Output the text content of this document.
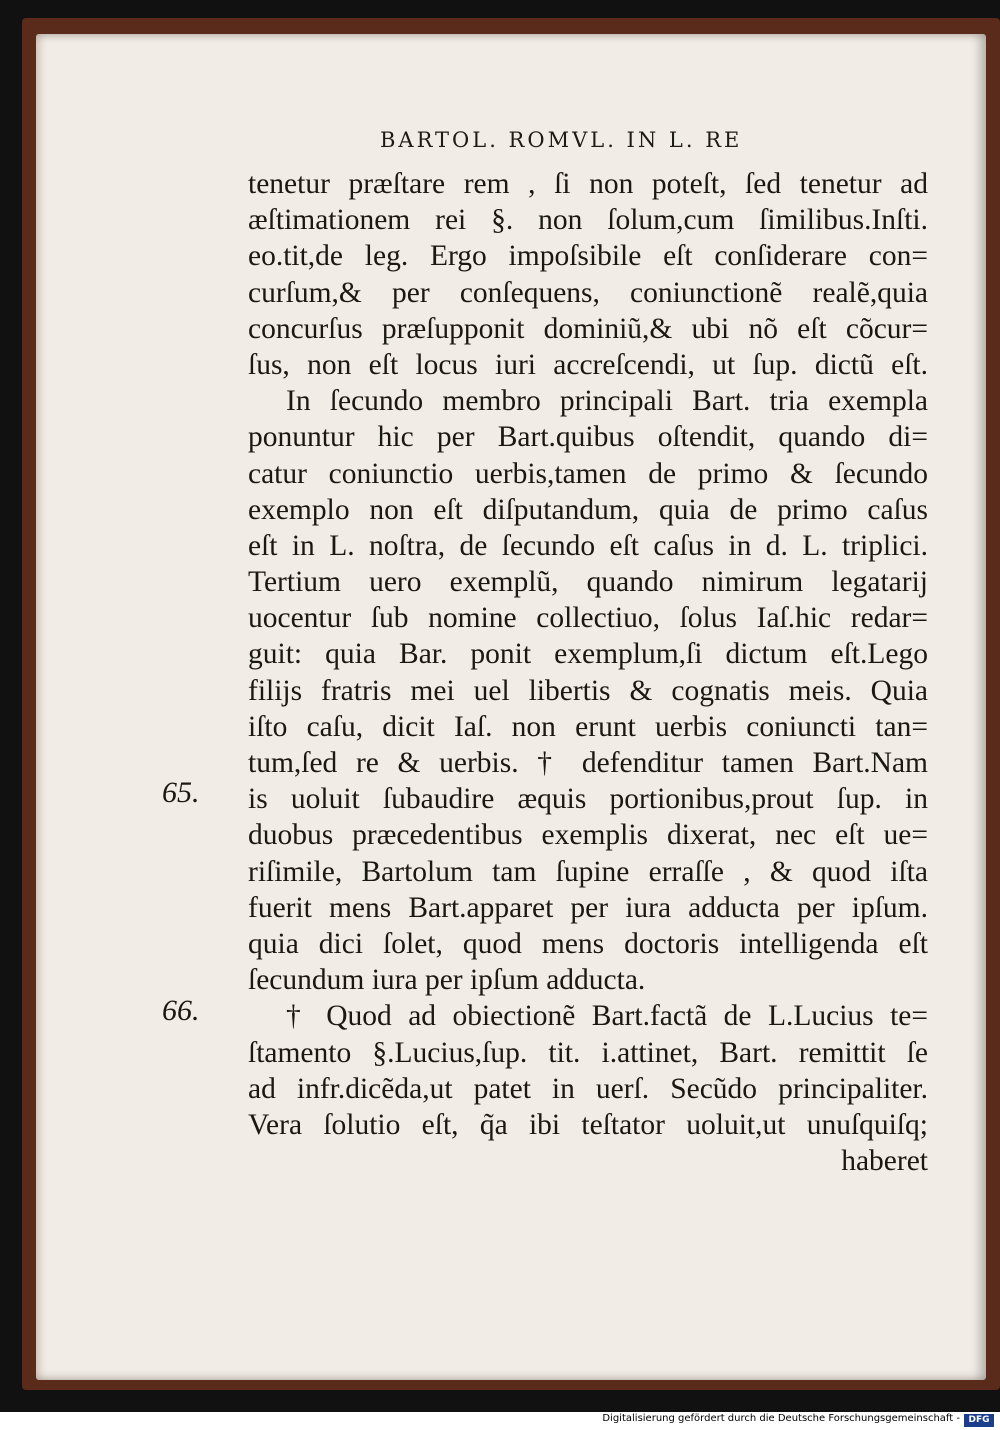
BARTOL. ROMVL. IN L. RE
tenetur præſtare rem , ſi non poteſt, ſed tenetur ad
æſtimationem rei §. non ſolum,cum ſimilibus.Inſti.
eo.tit,de leg. Ergo impoſsibile eſt conſiderare con=
curſum,& per conſequens, coniunctionẽ realẽ,quia
concurſus præſupponit dominiũ,& ubi nõ eſt cõcur=
ſus, non eſt locus iuri accreſcendi, ut ſup. dictũ eſt.
In ſecundo membro principali Bart. tria exempla
ponuntur hic per Bart.quibus oſtendit, quando di=
catur coniunctio uerbis,tamen de primo & ſecundo
exemplo non eſt diſputandum, quia de primo caſus
eſt in L. noſtra, de ſecundo eſt caſus in d. L. triplici.
Tertium uero exemplũ, quando nimirum legatarij
uocentur ſub nomine collectiuo, ſolus Iaſ.hic redar=
guit: quia Bar. ponit exemplum,ſi dictum eſt.Lego
filijs fratris mei uel libertis & cognatis meis. Quia
iſto caſu, dicit Iaſ. non erunt uerbis coniuncti tan=
tum,ſed re & uerbis. † defenditur tamen Bart.Nam
is uoluit ſubaudire æquis portionibus,prout ſup. in
duobus præcedentibus exemplis dixerat, nec eſt ue=
riſimile, Bartolum tam ſupine erraſſe , & quod iſta
fuerit mens Bart.apparet per iura adducta per ipſum.
quia dici ſolet, quod mens doctoris intelligenda eſt
ſecundum iura per ipſum adducta.
† Quod ad obiectionẽ Bart.factã de L.Lucius te=
ſtamento §.Lucius,ſup. tit. i.attinet, Bart. remittit ſe
ad infr.dicẽda,ut patet in uerſ. Secũdo principaliter.
Vera ſolutio eſt, q̃a ibi teſtator uoluit,ut unuſquiſq;
haberet
65.
66.
Digitalisierung gefördert durch die Deutsche Forschungsgemeinschaft - DFG
